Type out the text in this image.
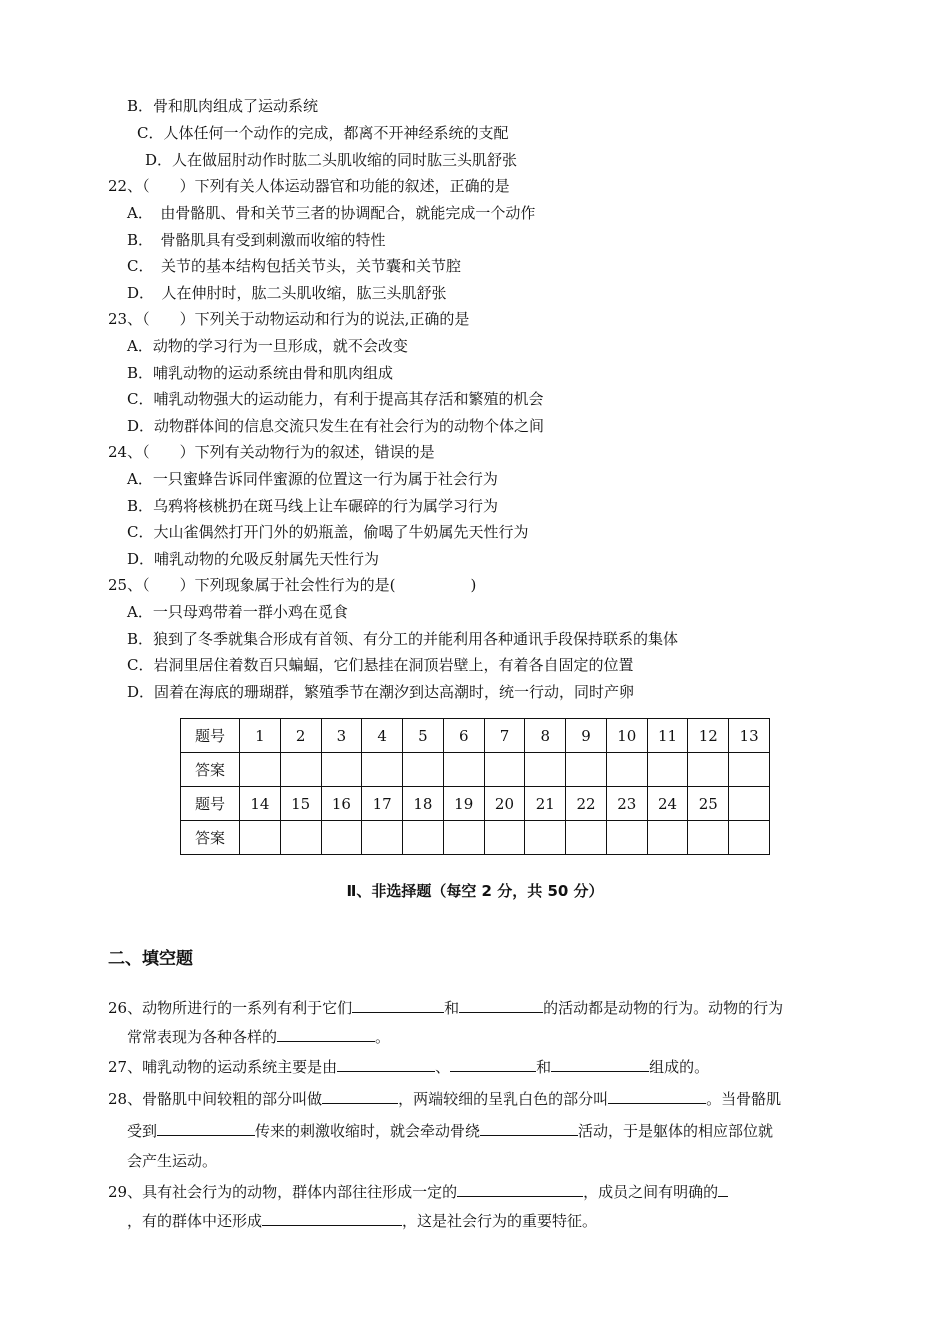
B．骨和肌肉组成了运动系统
C．人体任何一个动作的完成，都离不开神经系统的支配
D．人在做屈肘动作时肱二头肌收缩的同时肱三头肌舒张
22、（　　）下列有关人体运动器官和功能的叙述，正确的是
A．　由骨骼肌、骨和关节三者的协调配合，就能完成一个动作
B．　骨骼肌具有受到刺激而收缩的特性
C．　关节的基本结构包括关节头，关节囊和关节腔
D．　人在伸肘时，肱二头肌收缩，肱三头肌舒张
23、（　　）下列关于动物运动和行为的说法,正确的是
A．动物的学习行为一旦形成，就不会改变
B．哺乳动物的运动系统由骨和肌肉组成
C．哺乳动物强大的运动能力，有利于提高其存活和繁殖的机会
D．动物群体间的信息交流只发生在有社会行为的动物个体之间
24、（　　）下列有关动物行为的叙述，错误的是
A．一只蜜蜂告诉同伴蜜源的位置这一行为属于社会行为
B．乌鸦将核桃扔在斑马线上让车碾碎的行为属学习行为
C．大山雀偶然打开门外的奶瓶盖，偷喝了牛奶属先天性行为
D．哺乳动物的允吸反射属先天性行为
25、（　　）下列现象属于社会性行为的是(　　　　　)
A．一只母鸡带着一群小鸡在觅食
B．狼到了冬季就集合形成有首领、有分工的并能利用各种通讯手段保持联系的集体
C．岩洞里居住着数百只蝙蝠，它们悬挂在洞顶岩壁上，有着各自固定的位置
D．固着在海底的珊瑚群，繁殖季节在潮汐到达高潮时，统一行动，同时产卵
题号	1	2	3	4	5	6	7	8	9	10	11	12	13
答案													
题号	14	15	16	17	18	19	20	21	22	23	24	25	
答案													
Ⅱ、非选择题（每空 2 分，共 50 分）
二、填空题
26、动物所进行的一系列有利于它们	和	的活动都是动物的行为。动物的行为
常常表现为各种各样的	。
27、哺乳动物的运动系统主要是由	、	和	组成的。
28、骨骼肌中间较粗的部分叫做	，两端较细的呈乳白色的部分叫	。当骨骼肌
受到	传来的刺激收缩时，就会牵动骨绕	活动，于是躯体的相应部位就
会产生运动。
29、具有社会行为的动物，群体内部往往形成一定的	，成员之间有明确的
，有的群体中还形成	，这是社会行为的重要特征。
